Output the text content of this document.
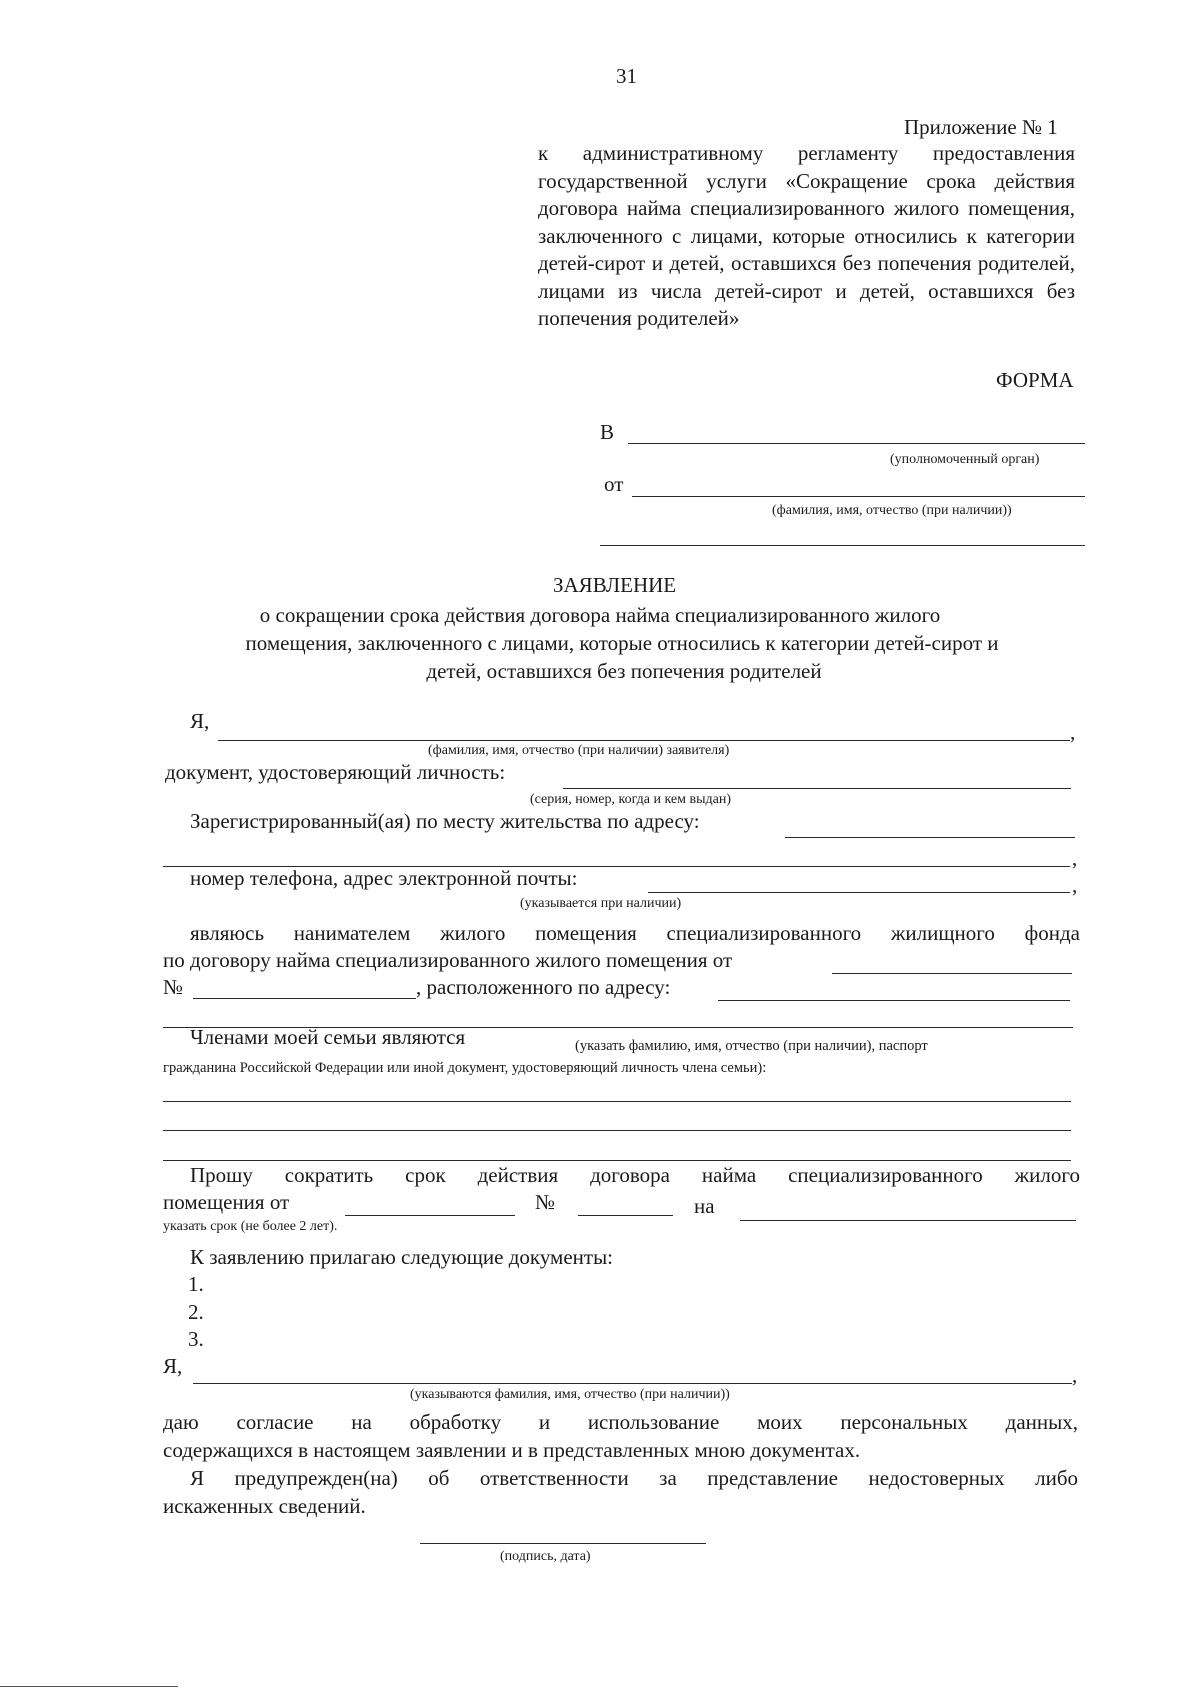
31
Приложение № 1
к административному регламенту предоставления государственной услуги «Сокращение срока действия договора найма специализированного жилого помещения, заключенного с лицами, которые относились к категории детей-сирот и детей, оставшихся без попечения родителей, лицами из числа детей-сирот и детей, оставшихся без попечения родителей»
ФОРМА
В
(уполномоченный орган)
от
(фамилия, имя, отчество (при наличии))
ЗАЯВЛЕНИЕ
о сокращении срока действия договора найма специализированного жилого
помещения, заключенного с лицами, которые относились к категории детей-сирот и
детей, оставшихся без попечения родителей
Я,	,
(фамилия, имя, отчество (при наличии) заявителя)
документ, удостоверяющий личность:
(серия, номер, когда и кем выдан)
Зарегистрированный(ая) по месту жительства по адресу:
,
номер телефона, адрес электронной почты:	,
(указывается при наличии)
являюсь нанимателем жилого помещения специализированного жилищного фонда
по договору найма специализированного жилого помещения от
№	, расположенного по адресу:
Членами моей семьи являются	(указать фамилию, имя, отчество (при наличии), паспорт
гражданина Российской Федерации или иной документ, удостоверяющий личность члена семьи):
Прошу сократить срок действия договора найма специализированного жилого
помещения от	№	на
указать срок (не более 2 лет).
К заявлению прилагаю следующие документы:
1.
2.
3.
Я,	,
(указываются фамилия, имя, отчество (при наличии))
даю согласие на обработку и использование моих персональных данных,
содержащихся в настоящем заявлении и в представленных мною документах.
Я предупрежден(на) об ответственности за представление недостоверных либо
искаженных сведений.
(подпись, дата)
